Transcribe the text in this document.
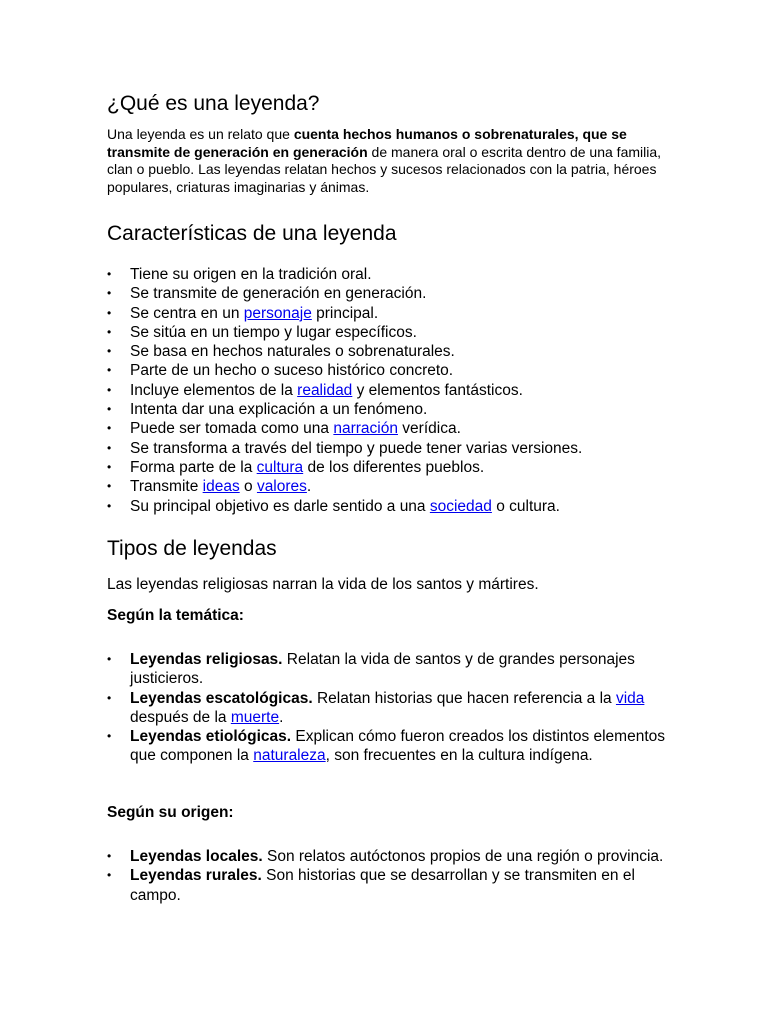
¿Qué es una leyenda?

Una leyenda es un relato que cuenta hechos humanos o sobrenaturales, que se transmite de generación en generación de manera oral o escrita dentro de una familia, clan o pueblo. Las leyendas relatan hechos y sucesos relacionados con la patria, héroes populares, criaturas imaginarias y ánimas.

Características de una leyenda
• Tiene su origen en la tradición oral.
• Se transmite de generación en generación.
• Se centra en un personaje principal.
• Se sitúa en un tiempo y lugar específicos.
• Se basa en hechos naturales o sobrenaturales.
• Parte de un hecho o suceso histórico concreto.
• Incluye elementos de la realidad y elementos fantásticos.
• Intenta dar una explicación a un fenómeno.
• Puede ser tomada como una narración verídica.
• Se transforma a través del tiempo y puede tener varias versiones.
• Forma parte de la cultura de los diferentes pueblos.
• Transmite ideas o valores.
• Su principal objetivo es darle sentido a una sociedad o cultura.
Tipos de leyendas

Las leyendas religiosas narran la vida de los santos y mártires.

Según la temática:
• Leyendas religiosas. Relatan la vida de santos y de grandes personajes justicieros.
• Leyendas escatológicas. Relatan historias que hacen referencia a la vida después de la muerte.
• Leyendas etiológicas. Explican cómo fueron creados los distintos elementos que componen la naturaleza, son frecuentes en la cultura indígena.
Según su origen:
• Leyendas locales. Son relatos autóctonos propios de una región o provincia.
• Leyendas rurales. Son historias que se desarrollan y se transmiten en el campo.
